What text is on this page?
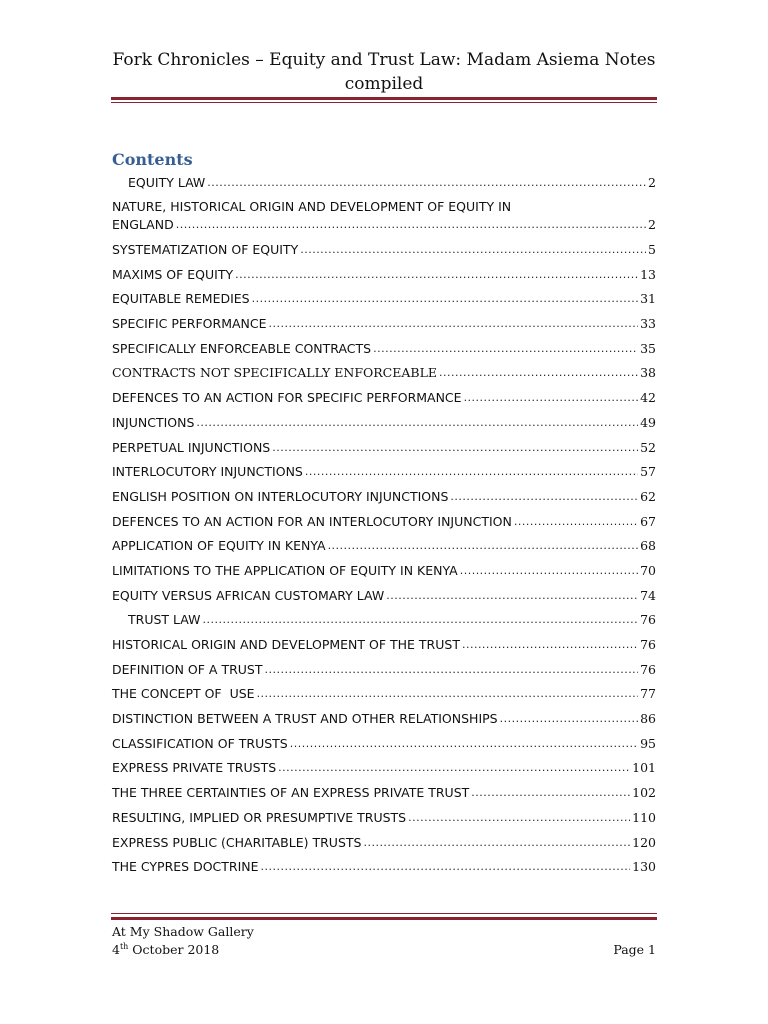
Fork Chronicles – Equity and Trust Law: Madam Asiema Notes
compiled
Contents
EQUITY LAW .....	2
NATURE, HISTORICAL ORIGIN AND DEVELOPMENT OF EQUITY IN
ENGLAND .....	2
SYSTEMATIZATION OF EQUITY .....	5
MAXIMS OF EQUITY .....	13
EQUITABLE REMEDIES .....	31
SPECIFIC PERFORMANCE .....	33
SPECIFICALLY ENFORCEABLE CONTRACTS .....	35
CONTRACTS NOT SPECIFICALLY ENFORCEABLE .....	38
DEFENCES TO AN ACTION FOR SPECIFIC PERFORMANCE .....	42
INJUNCTIONS .....	49
PERPETUAL INJUNCTIONS .....	52
INTERLOCUTORY INJUNCTIONS .....	57
ENGLISH POSITION ON INTERLOCUTORY INJUNCTIONS .....	62
DEFENCES TO AN ACTION FOR AN INTERLOCUTORY INJUNCTION .....	67
APPLICATION OF EQUITY IN KENYA .....	68
LIMITATIONS TO THE APPLICATION OF EQUITY IN KENYA .....	70
EQUITY VERSUS AFRICAN CUSTOMARY LAW .....	74
TRUST LAW .....	76
HISTORICAL ORIGIN AND DEVELOPMENT OF THE TRUST .....	76
DEFINITION OF A TRUST .....	76
THE CONCEPT OF  USE .....	77
DISTINCTION BETWEEN A TRUST AND OTHER RELATIONSHIPS .....	86
CLASSIFICATION OF TRUSTS .....	95
EXPRESS PRIVATE TRUSTS .....	101
THE THREE CERTAINTIES OF AN EXPRESS PRIVATE TRUST .....	102
RESULTING, IMPLIED OR PRESUMPTIVE TRUSTS .....	110
EXPRESS PUBLIC (CHARITABLE) TRUSTS .....	120
THE CYPRES DOCTRINE .....	130
At My Shadow Gallery
4th October 2018	Page 1
